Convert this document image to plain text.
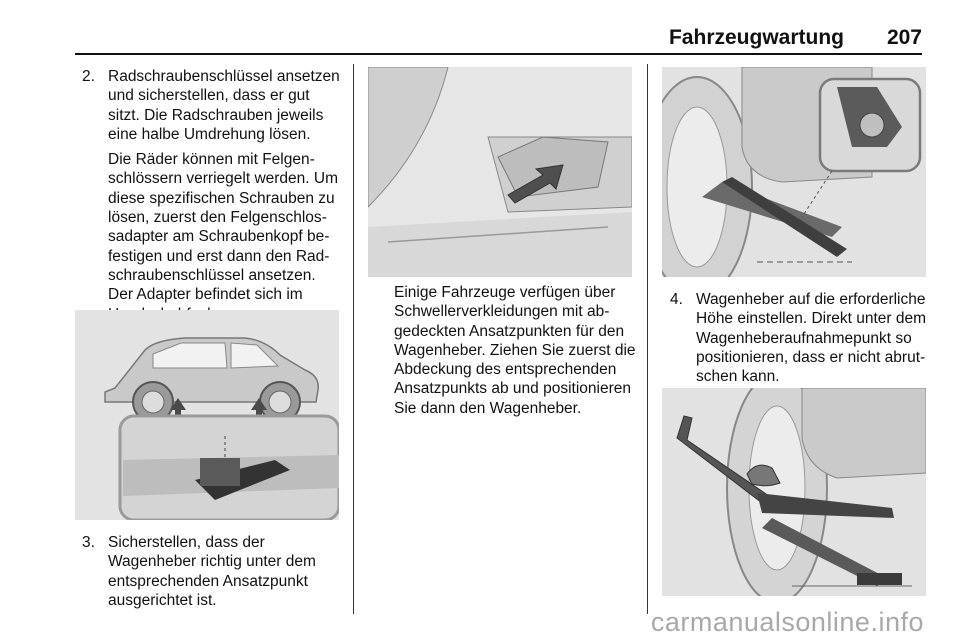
Fahrzeugwartung 207
2. Radschraubenschlüssel ansetzen und sicherstellen, dass er gut sitzt. Die Radschrauben jeweils eine halbe Umdrehung lösen.

Die Räder können mit Felgenschlössern verriegelt werden. Um diese spezifischen Schrauben zu lösen, zuerst den Felgenschlossadapter am Schraubenkopf befestigen und erst dann den Radschraubenschlüssel ansetzen. Der Adapter befindet sich im

3. Sicherstellen, dass der Wagenheber richtig unter dem entsprechenden Ansatzpunkt ausgerichtet ist.

Einige Fahrzeuge verfügen über Schwellerverkleidungen mit abgedeckten Ansatzpunkten für den Wagenheber. Ziehen Sie zuerst die Abdeckung des entsprechenden Ansatzpunkts ab und positionieren Sie dann den Wagenheber.

4. Wagenheber auf die erforderliche Höhe einstellen. Direkt unter dem Wagenheberaufnahmepunkt so positionieren, dass er nicht abrutschen kann.

carmanualsonline.info
